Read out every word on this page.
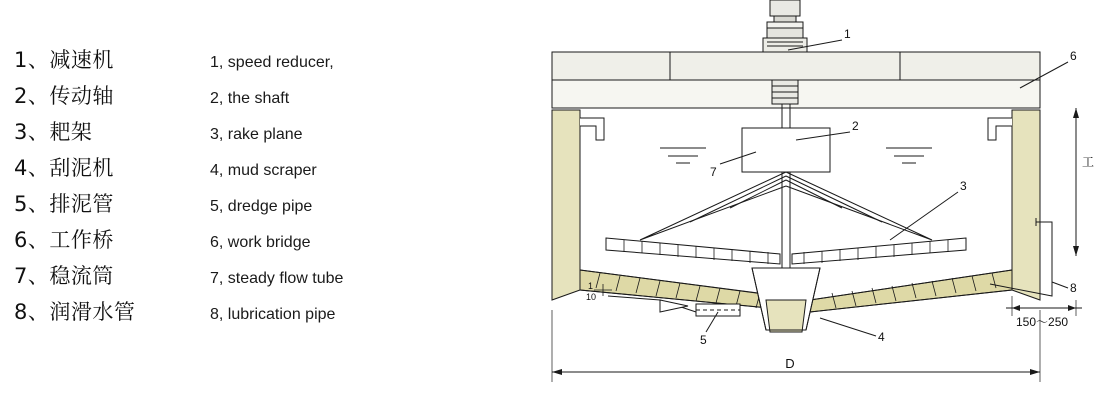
1、减速机	1, speed reducer,
2、传动轴	2, the shaft
3、耙架	3, rake plane
4、刮泥机	4, mud scraper
5、排泥管	5, dredge pipe
6、工作桥	6, work bridge
7、稳流筒	7, steady flow tube
8、润滑水管	8, lubrication pipe
1
2
3
4
5
6
7
8
D
工
150～250
1
10
